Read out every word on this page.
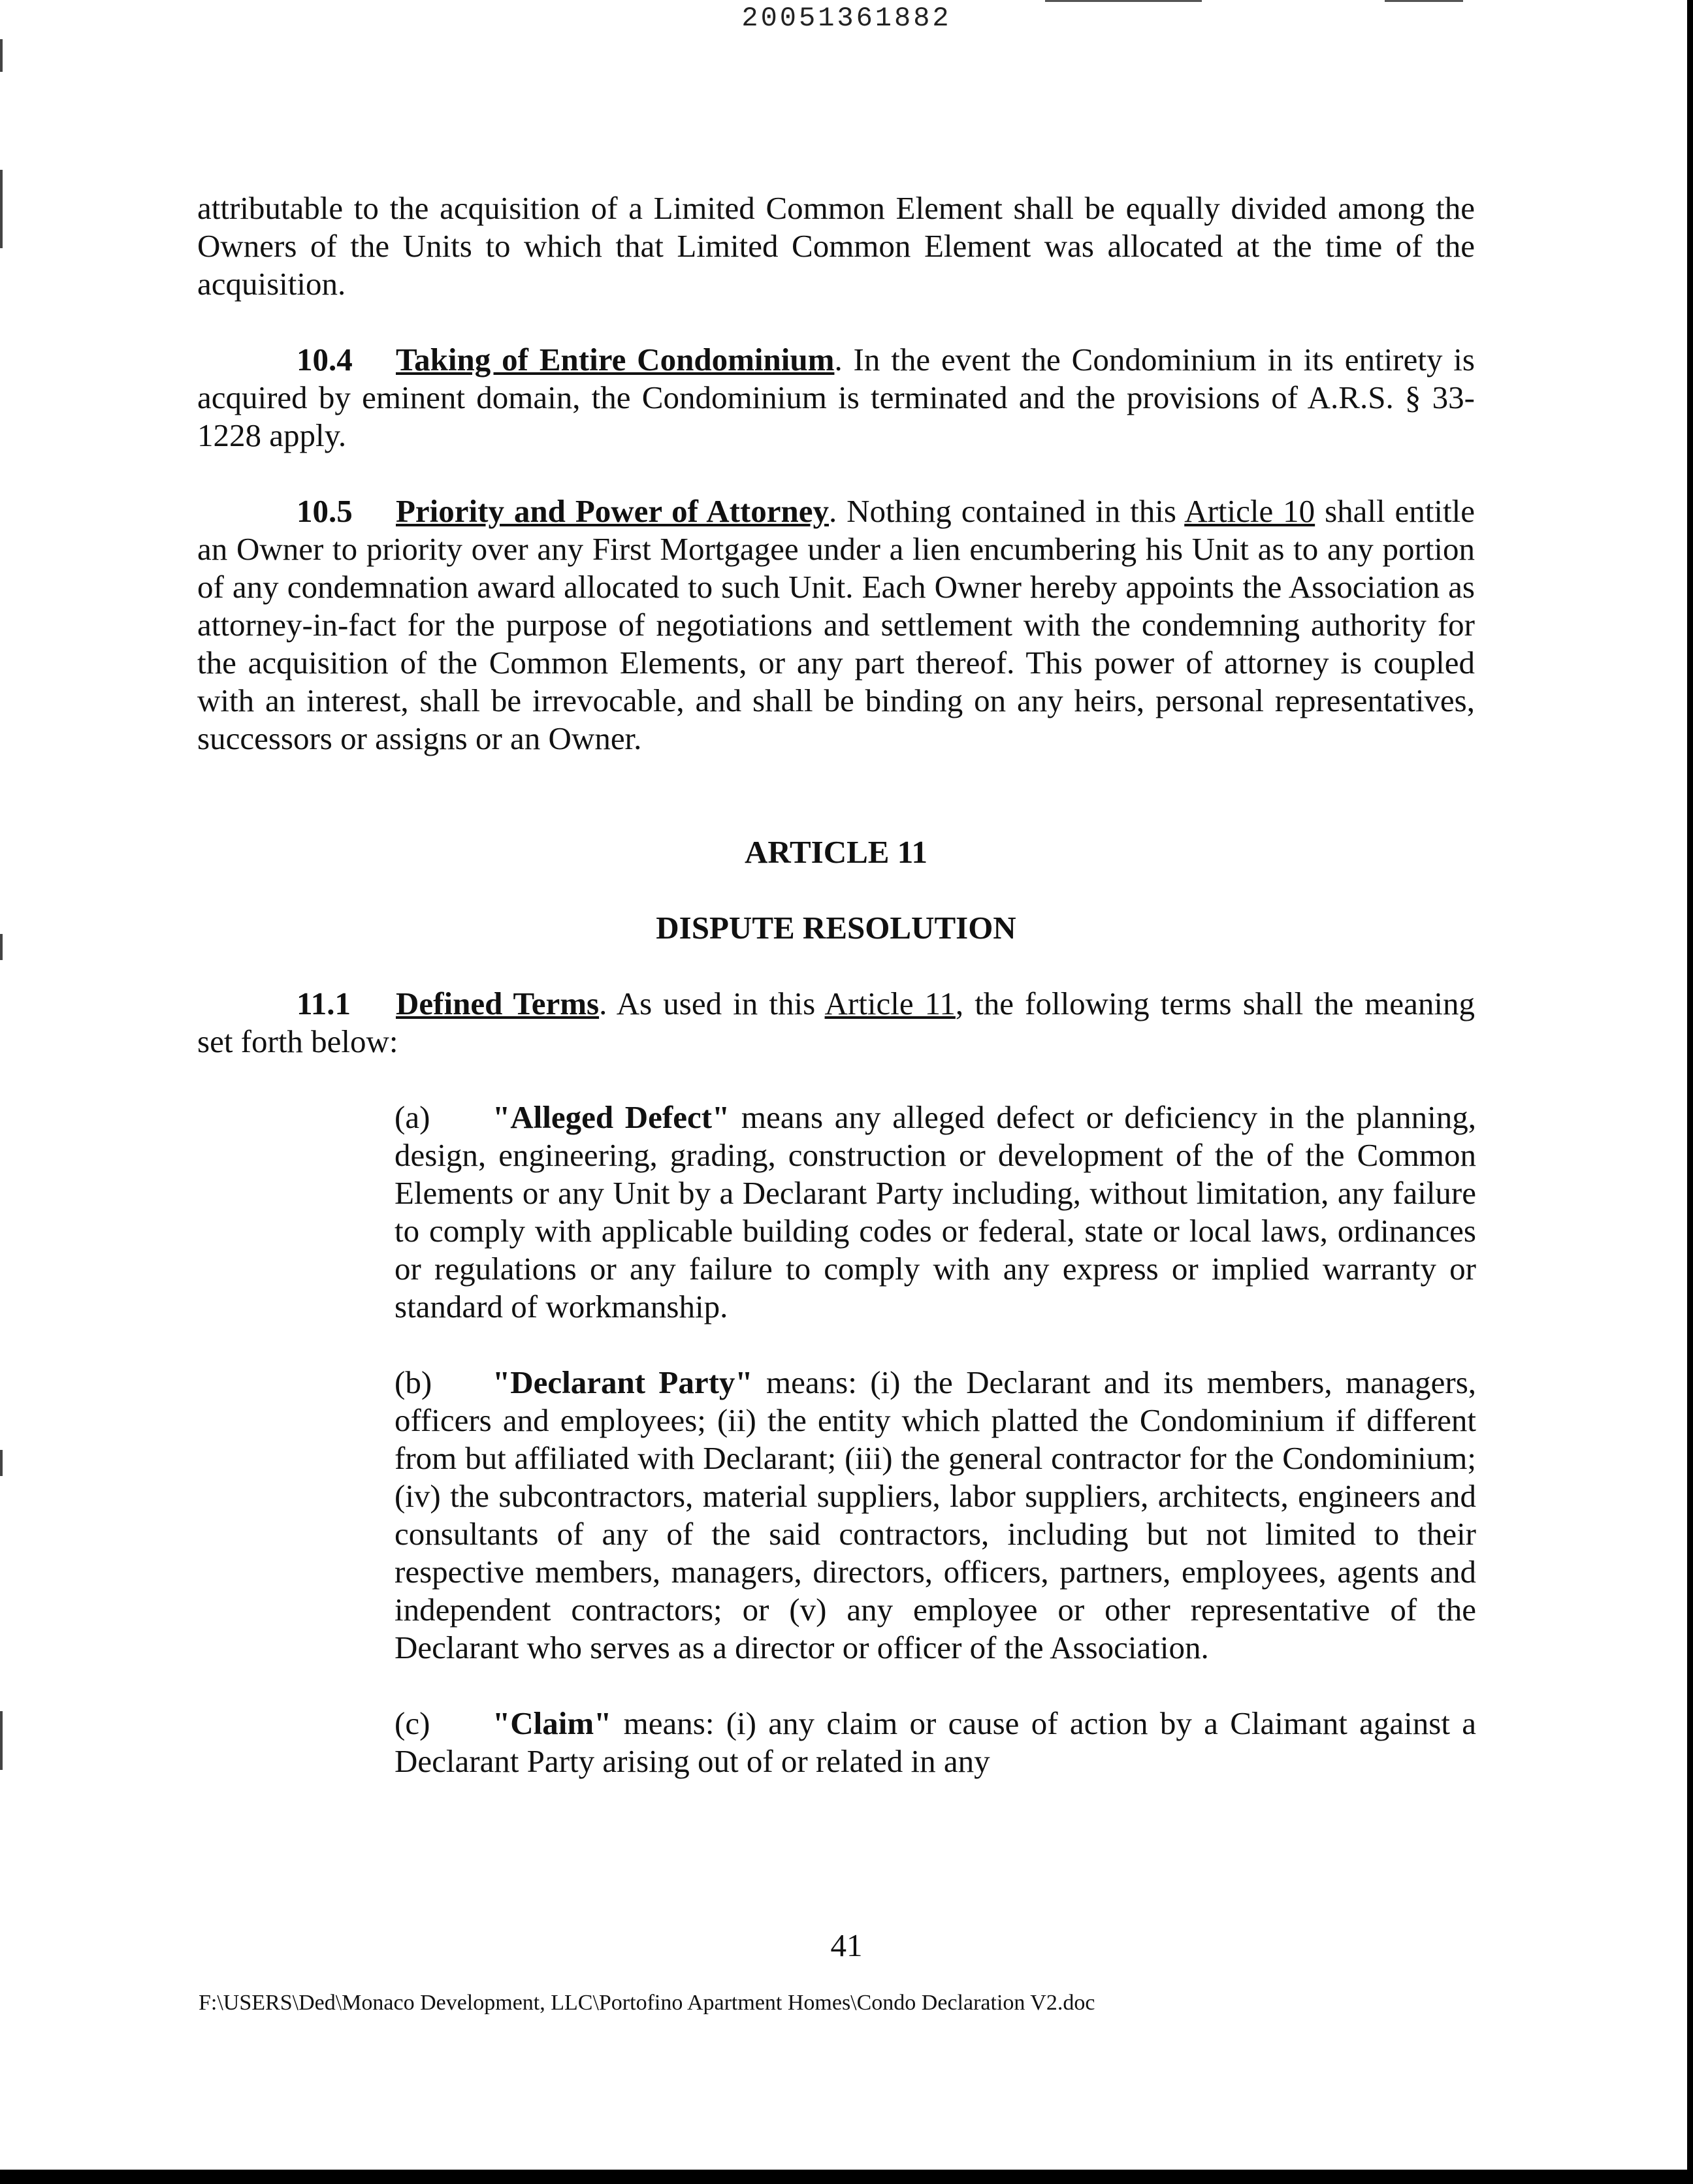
20051361882

attributable to the acquisition of a Limited Common Element shall be equally divided among the Owners of the Units to which that Limited Common Element was allocated at the time of the acquisition.

10.4 Taking of Entire Condominium. In the event the Condominium in its entirety is acquired by eminent domain, the Condominium is terminated and the provisions of A.R.S. § 33-1228 apply.

10.5 Priority and Power of Attorney. Nothing contained in this Article 10 shall entitle an Owner to priority over any First Mortgagee under a lien encumbering his Unit as to any portion of any condemnation award allocated to such Unit. Each Owner hereby appoints the Association as attorney-in-fact for the purpose of negotiations and settlement with the condemning authority for the acquisition of the Common Elements, or any part thereof. This power of attorney is coupled with an interest, shall be irrevocable, and shall be binding on any heirs, personal representatives, successors or assigns or an Owner.

ARTICLE 11

DISPUTE RESOLUTION

11.1 Defined Terms. As used in this Article 11, the following terms shall the meaning set forth below:

(a) "Alleged Defect" means any alleged defect or deficiency in the planning, design, engineering, grading, construction or development of the of the Common Elements or any Unit by a Declarant Party including, without limitation, any failure to comply with applicable building codes or federal, state or local laws, ordinances or regulations or any failure to comply with any express or implied warranty or standard of workmanship.

(b) "Declarant Party" means: (i) the Declarant and its members, managers, officers and employees; (ii) the entity which platted the Condominium if different from but affiliated with Declarant; (iii) the general contractor for the Condominium; (iv) the subcontractors, material suppliers, labor suppliers, architects, engineers and consultants of any of the said contractors, including but not limited to their respective members, managers, directors, officers, partners, employees, agents and independent contractors; or (v) any employee or other representative of the Declarant who serves as a director or officer of the Association.

(c) "Claim" means: (i) any claim or cause of action by a Claimant against a Declarant Party arising out of or related in any

41
F:\USERS\Ded\Monaco Development, LLC\Portofino Apartment Homes\Condo Declaration V2.doc
